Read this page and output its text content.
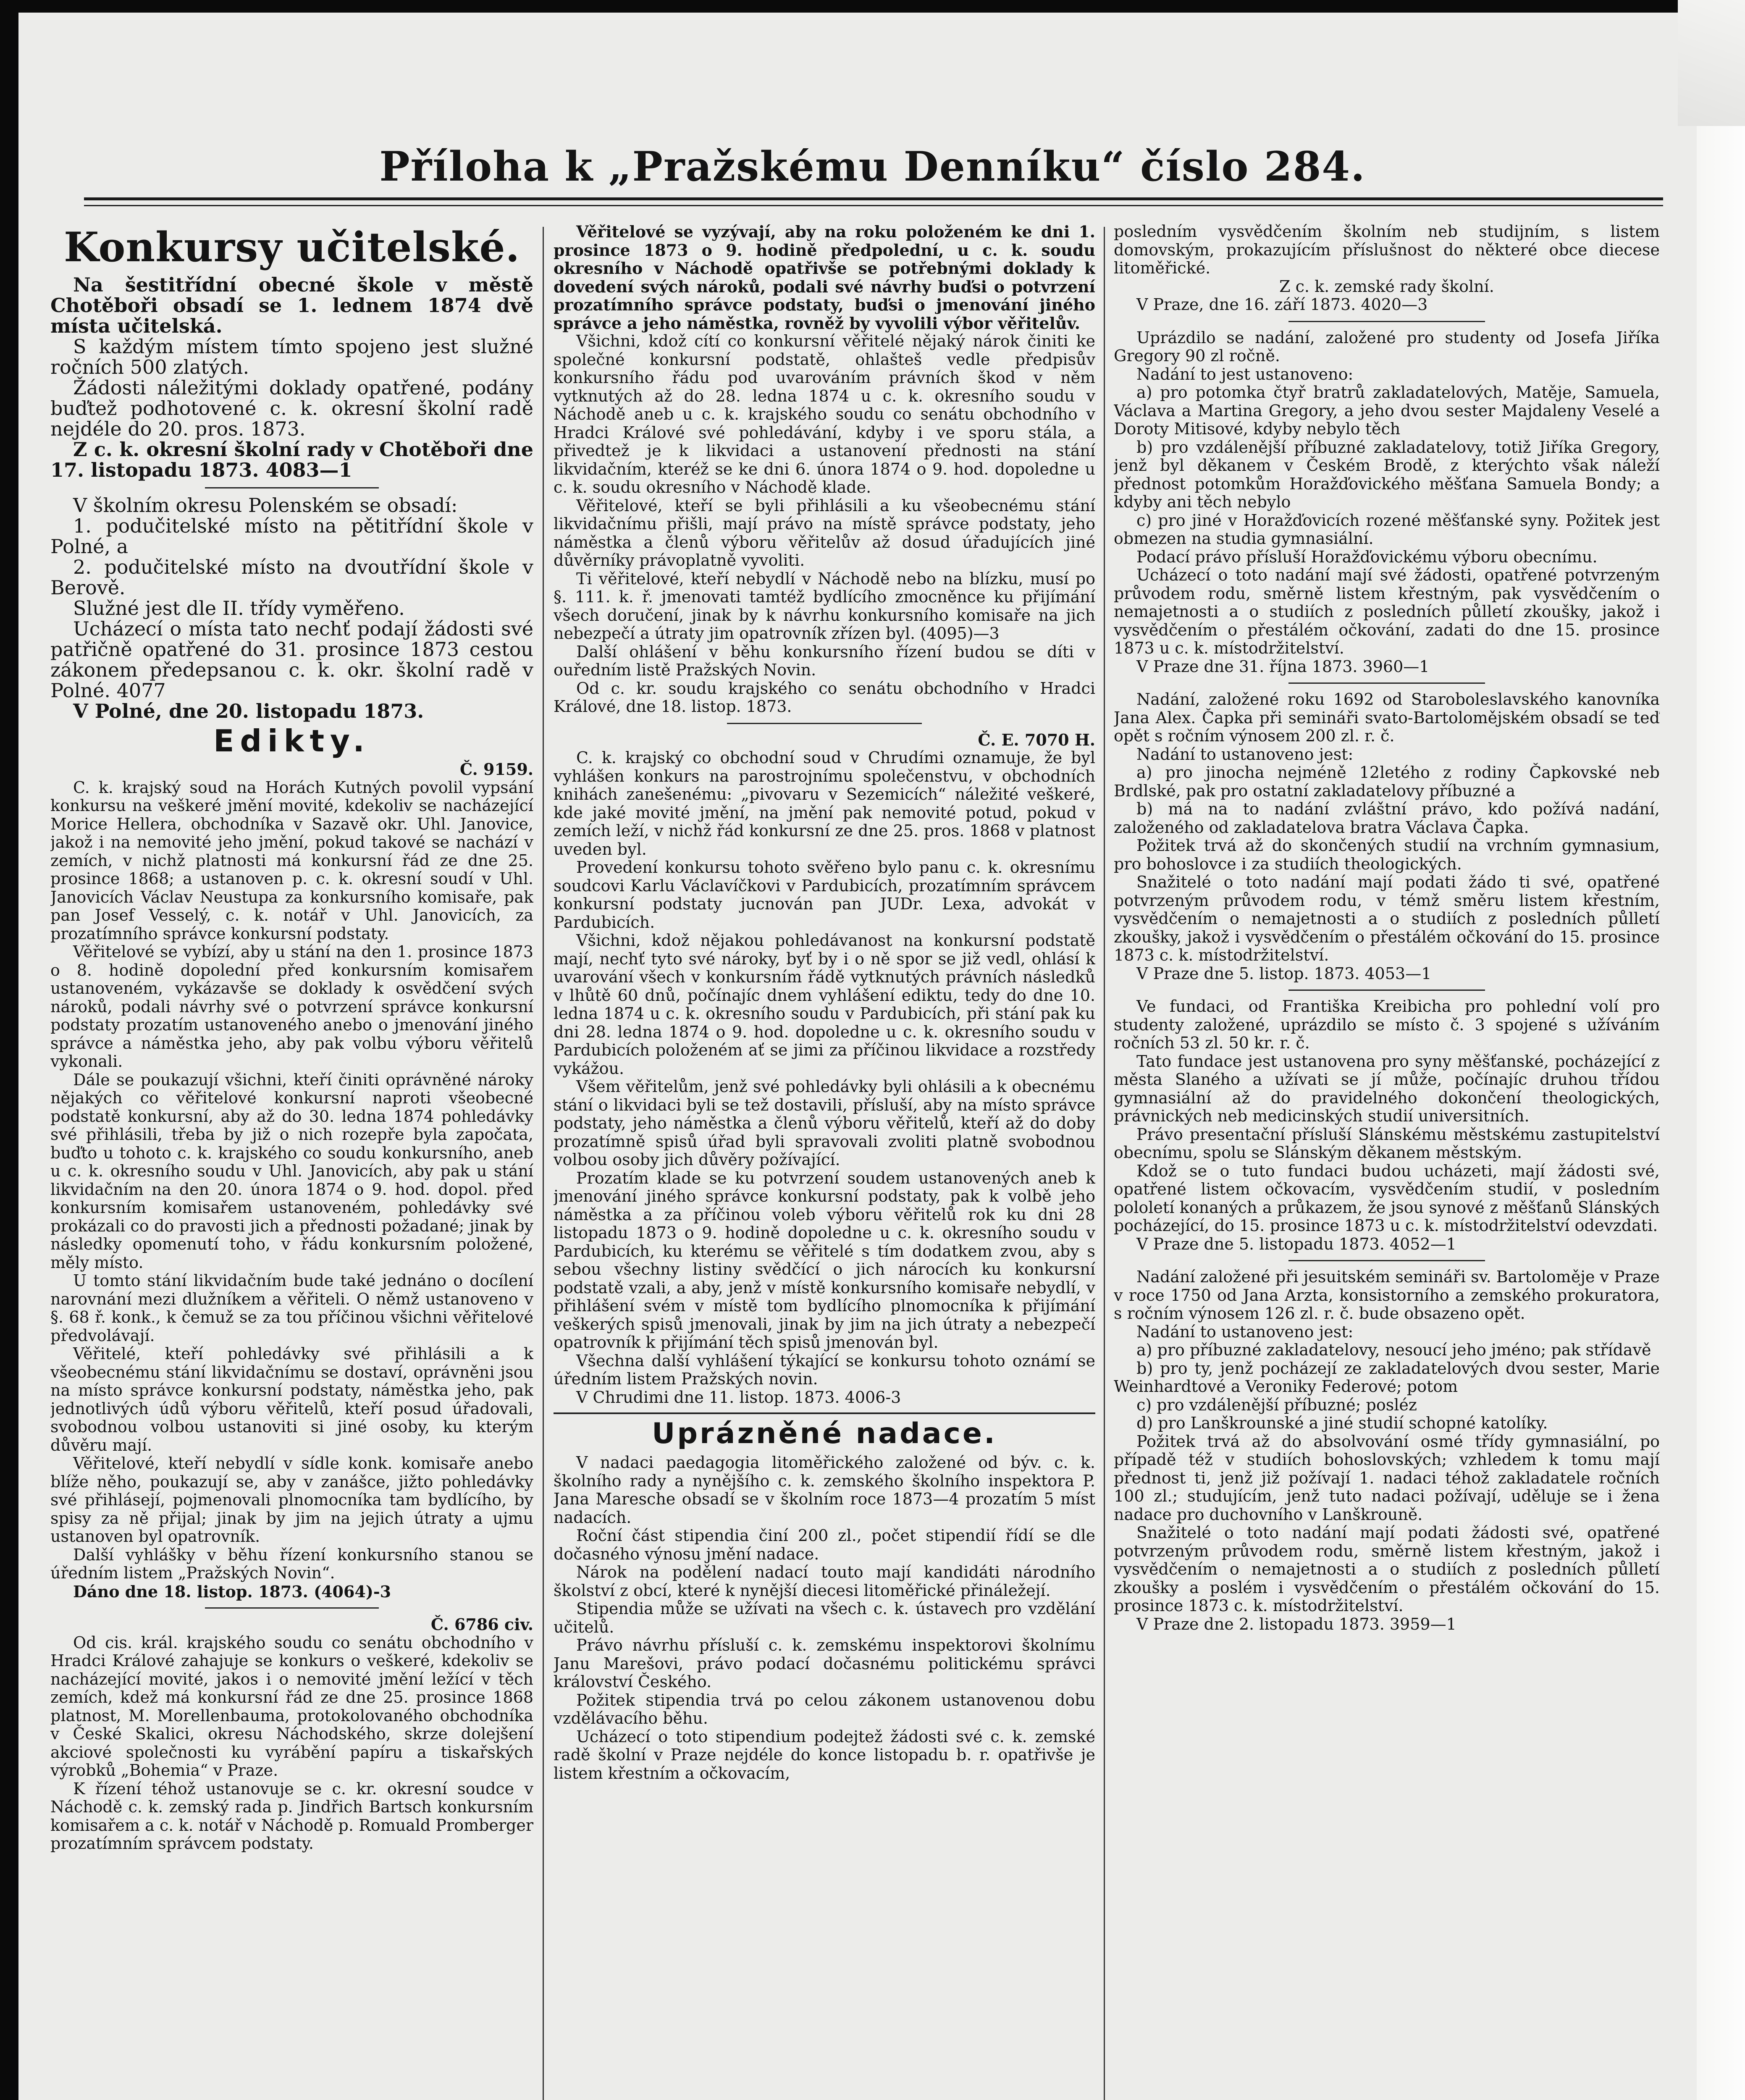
Příloha k „Pražskému Denníku“ číslo 284.
Konkursy učitelské.

Na šestitřídní obecné škole v městě Chotěboři obsadí se 1. lednem 1874 dvě místa učitelská.

S každým místem tímto spojeno jest služné ročních 500 zlatých.

Žádosti náležitými doklady opatřené, podány buďtež podhotovené c. k. okresní školní radě nejdéle do 20. pros. 1873.

Z c. k. okresní školní rady v Chotěboři dne 17. listopadu 1873. 4083—1

V školním okresu Polenském se obsadí:

1. podučitelské místo na pětitřídní škole v Polné, a

2. podučitelské místo na dvoutřídní škole v Berově.

Služné jest dle II. třídy vyměřeno.

Ucházecí o místa tato nechť podají žádosti své patřičně opatřené do 31. prosince 1873 cestou zákonem předepsanou c. k. okr. školní radě v Polné. 4077

V Polné, dne 20. listopadu 1873.

Edikty.

Č. 9159.

C. k. krajský soud na Horách Kutných povolil vypsání konkursu na veškeré jmění movité, kdekoliv se nacházející Morice Hellera, obchodníka v Sazavě okr. Uhl. Janovice, jakož i na nemovité jeho jmění, pokud takové se nachází v zemích, v nichž platnosti má konkursní řád ze dne 25. prosince 1868; a ustanoven p. c. k. okresní soudí v Uhl. Janovicích Václav Neustupa za konkursního komisaře, pak pan Josef Vesselý, c. k. notář v Uhl. Janovicích, za prozatímního správce konkursní podstaty.

Věřitelové se vybízí, aby u stání na den 1. prosince 1873 o 8. hodině dopolední před konkursním komisařem ustanoveném, vykázavše se doklady k osvědčení svých nároků, podali návrhy své o potvrzení správce konkursní podstaty prozatím ustanoveného anebo o jmenování jiného správce a náměstka jeho, aby pak volbu výboru věřitelů vykonali.

Dále se poukazují všichni, kteří činiti oprávněné nároky nějakých co věřitelové konkursní naproti všeobecné podstatě konkursní, aby až do 30. ledna 1874 pohledávky své přihlásili, třeba by již o nich rozepře byla započata, buďto u tohoto c. k. krajského co soudu konkursního, aneb u c. k. okresního soudu v Uhl. Janovicích, aby pak u stání likvidačním na den 20. února 1874 o 9. hod. dopol. před konkursním komisařem ustanoveném, pohledávky své prokázali co do pravosti jich a přednosti požadané; jinak by následky opomenutí toho, v řádu konkursním položené, měly místo.

U tomto stání likvidačním bude také jednáno o docílení narovnání mezi dlužníkem a věřiteli. O němž ustanoveno v §. 68 ř. konk., k čemuž se za tou příčinou všichni věřitelové předvolávají.

Věřitelé, kteří pohledávky své přihlásili a k všeobecnému stání likvidačnímu se dostaví, oprávněni jsou na místo správce konkursní podstaty, náměstka jeho, pak jednotlivých údů výboru věřitelů, kteří posud úřadovali, svobodnou volbou ustanoviti si jiné osoby, ku kterým důvěru mají.

Věřitelové, kteří nebydlí v sídle konk. komisaře anebo blíže něho, poukazují se, aby v zanášce, jižto pohledávky své přihlásejí, pojmenovali plnomocníka tam bydlícího, by spisy za ně přijal; jinak by jim na jejich útraty a ujmu ustanoven byl opatrovník.

Další vyhlášky v běhu řízení konkursního stanou se úředním listem „Pražských Novin“.

Dáno dne 18. listop. 1873. (4064)-3

Č. 6786 civ.

Od cis. král. krajského soudu co senátu obchodního v Hradci Králové zahajuje se konkurs o veškeré, kdekoliv se nacházející movité, jakos i o nemovité jmění ležící v těch zemích, kdež má konkursní řád ze dne 25. prosince 1868 platnost, M. Morellenbauma, protokolovaného obchodníka v České Skalici, okresu Náchodského, skrze dolejšení akciové společnosti ku vyrábění papíru a tiskařských výrobků „Bohemia“ v Praze.

K řízení téhož ustanovuje se c. kr. okresní soudce v Náchodě c. k. zemský rada p. Jindřich Bartsch konkursním komisařem a c. k. notář v Náchodě p. Romuald Promberger prozatímním správcem podstaty.

Věřitelové se vyzývají, aby na roku položeném ke dni 1. prosince 1873 o 9. hodině předpolední, u c. k. soudu okresního v Náchodě opatřivše se potřebnými doklady k dovedení svých nároků, podali své návrhy buďsi o potvrzení prozatímního správce podstaty, buďsi o jmenování jiného správce a jeho náměstka, rovněž by vyvolili výbor věřitelův.

Všichni, kdož cítí co konkursní věřitelé nějaký nárok činiti ke společné konkursní podstatě, ohlašteš vedle předpisův konkursního řádu pod uvarováním právních škod v něm vytknutých až do 28. ledna 1874 u c. k. okresního soudu v Náchodě aneb u c. k. krajského soudu co senátu obchodního v Hradci Králové své pohledávání, kdyby i ve sporu stála, a přivedtež je k likvidaci a ustanovení přednosti na stání likvidačním, kteréž se ke dni 6. února 1874 o 9. hod. dopoledne u c. k. soudu okresního v Náchodě klade.

Věřitelové, kteří se byli přihlásili a ku všeobecnému stání likvidačnímu přišli, mají právo na místě správce podstaty, jeho náměstka a členů výboru věřitelův až dosud úřadujících jiné důvěrníky právoplatně vyvoliti.

Ti věřitelové, kteří nebydlí v Náchodě nebo na blízku, musí po §. 111. k. ř. jmenovati tamtéž bydlícího zmocněnce ku přijímání všech doručení, jinak by k návrhu konkursního komisaře na jich nebezpečí a útraty jim opatrovník zřízen byl. (4095)—3

Další ohlášení v běhu konkursního řízení budou se díti v ouředním listě Pražských Novin.

Od c. kr. soudu krajského co senátu obchodního v Hradci Králové, dne 18. listop. 1873.

Č. E. 7070 H.

C. k. krajský co obchodní soud v Chrudími oznamuje, že byl vyhlášen konkurs na parostrojnímu společenstvu, v obchodních knihách zanešenému: „pivovaru v Sezemicích“ náležité veškeré, kde jaké movité jmění, na jmění pak nemovité potud, pokud v zemích leží, v nichž řád konkursní ze dne 25. pros. 1868 v platnost uveden byl.

Provedení konkursu tohoto svěřeno bylo panu c. k. okresnímu soudcovi Karlu Václavíčkovi v Pardubicích, prozatímním správcem konkursní podstaty jucnován pan JUDr. Lexa, advokát v Pardubicích.

Všichni, kdož nějakou pohledávanost na konkursní podstatě mají, nechť tyto své nároky, byť by i o ně spor se již vedl, ohlásí k uvarování všech v konkursním řádě vytknutých právních následků v lhůtě 60 dnů, počínajíc dnem vyhlášení ediktu, tedy do dne 10. ledna 1874 u c. k. okresního soudu v Pardubicích, při stání pak ku dni 28. ledna 1874 o 9. hod. dopoledne u c. k. okresního soudu v Pardubicích položeném ať se jimi za příčinou likvidace a rozstředy vykážou.

Všem věřitelům, jenž své pohledávky byli ohlásili a k obecnému stání o likvidaci byli se tež dostavili, přísluší, aby na místo správce podstaty, jeho náměstka a členů výboru věřitelů, kteří až do doby prozatímně spisů úřad byli spravovali zvoliti platně svobodnou volbou osoby jich důvěry požívající.

Prozatím klade se ku potvrzení soudem ustanovených aneb k jmenování jiného správce konkursní podstaty, pak k volbě jeho náměstka a za příčinou voleb výboru věřitelů rok ku dni 28 listopadu 1873 o 9. hodině dopoledne u c. k. okresního soudu v Pardubicích, ku kterému se věřitelé s tím dodatkem zvou, aby s sebou všechny listiny svědčící o jich nárocích ku konkursní podstatě vzali, a aby, jenž v místě konkursního komisaře nebydlí, v přihlášení svém v místě tom bydlícího plnomocníka k přijímání veškerých spisů jmenovali, jinak by jim na jich útraty a nebezpečí opatrovník k přijímání těch spisů jmenován byl.

Všechna další vyhlášení týkající se konkursu tohoto oznámí se úředním listem Pražských novin.

V Chrudimi dne 11. listop. 1873. 4006-3

Uprázněné nadace.

V nadaci paedagogia litoměřického založené od býv. c. k. školního rady a nynějšího c. k. zemského školního inspektora P. Jana Maresche obsadí se v školním roce 1873—4 prozatím 5 míst nadacích.

Roční část stipendia činí 200 zl., počet stipendií řídí se dle dočasného výnosu jmění nadace.

Nárok na podělení nadací touto mají kandidáti národního školství z obcí, které k nynější diecesi litoměřické přináležejí.

Stipendia může se užívati na všech c. k. ústavech pro vzdělání učitelů.

Právo návrhu přísluší c. k. zemskému inspektorovi školnímu Janu Marešovi, právo podací dočasnému politickému správci království Českého.

Požitek stipendia trvá po celou zákonem ustanovenou dobu vzdělávacího běhu.

Ucházecí o toto stipendium podejtež žádosti své c. k. zemské radě školní v Praze nejdéle do konce listopadu b. r. opatřivše je listem křestním a očkovacím,

posledním vysvědčením školním neb studijním, s listem domovským, prokazujícím příslušnost do některé obce diecese litoměřické.

Z c. k. zemské rady školní.

V Praze, dne 16. září 1873. 4020—3

Uprázdilo se nadání, založené pro studenty od Josefa Jiříka Gregory 90 zl ročně.

Nadání to jest ustanoveno:

a) pro potomka čtyř bratrů zakladatelových, Matěje, Samuela, Václava a Martina Gregory, a jeho dvou sester Majdaleny Veselé a Doroty Mitisové, kdyby nebylo těch

b) pro vzdálenější příbuzné zakladatelovy, totiž Jiříka Gregory, jenž byl děkanem v Českém Brodě, z kterýchto však náleží přednost potomkům Horažďovického měšťana Samuela Bondy; a kdyby ani těch nebylo

c) pro jiné v Horažďovicích rozené měšťanské syny. Požitek jest obmezen na studia gymnasiální.

Podací právo přísluší Horažďovickému výboru obecnímu.

Ucházecí o toto nadání mají své žádosti, opatřené potvrzeným průvodem rodu, směrně listem křestným, pak vysvědčením o nemajetnosti a o studiích z posledních půlletí zkoušky, jakož i vysvědčením o přestálém očkování, zadati do dne 15. prosince 1873 u c. k. místodržitelství.

V Praze dne 31. října 1873. 3960—1

Nadání, založené roku 1692 od Staroboleslavského kanovníka Jana Alex. Čapka při semináři svato-Bartolomějském obsadí se teď opět s ročním výnosem 200 zl. r. č.

Nadání to ustanoveno jest:

a) pro jinocha nejméně 12letého z rodiny Čapkovské neb Brdlské, pak pro ostatní zakladatelovy příbuzné a

b) má na to nadání zvláštní právo, kdo požívá nadání, založeného od zakladatelova bratra Václava Čapka.

Požitek trvá až do skončených studií na vrchním gymnasium, pro bohoslovce i za studiích theologických.

Snažitelé o toto nadání mají podati žádo ti své, opatřené potvrzeným průvodem rodu, v témž směru listem křestním, vysvědčením o nemajetnosti a o studiích z posledních půlletí zkoušky, jakož i vysvědčením o přestálém očkování do 15. prosince 1873 c. k. místodržitelství.

V Praze dne 5. listop. 1873. 4053—1

Ve fundaci, od Františka Kreibicha pro pohlední volí pro studenty založené, uprázdilo se místo č. 3 spojené s užíváním ročních 53 zl. 50 kr. r. č.

Tato fundace jest ustanovena pro syny měšťanské, pocházející z města Slaného a užívati se jí může, počínajíc druhou třídou gymnasiální až do pravidelného dokončení theologických, právnických neb medicinských studií universitních.

Právo presentační přísluší Slánskému městskému zastupitelství obecnímu, spolu se Slánským děkanem městským.

Kdož se o tuto fundaci budou ucházeti, mají žádosti své, opatřené listem očkovacím, vysvědčením studií, v posledním pololetí konaných a průkazem, že jsou synové z měšťanů Slánských pocházející, do 15. prosince 1873 u c. k. místodržitelství odevzdati.

V Praze dne 5. listopadu 1873. 4052—1

Nadání založené při jesuitském semináři sv. Bartoloměje v Praze v roce 1750 od Jana Arzta, konsistorního a zemského prokuratora, s ročním výnosem 126 zl. r. č. bude obsazeno opět.

Nadání to ustanoveno jest:

a) pro příbuzné zakladatelovy, nesoucí jeho jméno; pak střídavě

b) pro ty, jenž pocházejí ze zakladatelových dvou sester, Marie Weinhardtové a Veroniky Federové; potom

c) pro vzdálenější příbuzné; posléz

d) pro Lanškrounské a jiné studií schopné katolíky.

Požitek trvá až do absolvování osmé třídy gymnasiální, po případě též v studiích bohoslovských; vzhledem k tomu mají přednost ti, jenž již požívají 1. nadaci téhož zakladatele ročních 100 zl.; studujícím, jenž tuto nadaci požívají, uděluje se i žena nadace pro duchovního v Lanškrouně.

Snažitelé o toto nadání mají podati žádosti své, opatřené potvrzeným průvodem rodu, směrně listem křestným, jakož i vysvědčením o nemajetnosti a o studiích z posledních půlletí zkoušky a poslém i vysvědčením o přestálém očkování do 15. prosince 1873 c. k. místodržitelství.

V Praze dne 2. listopadu 1873. 3959—1
